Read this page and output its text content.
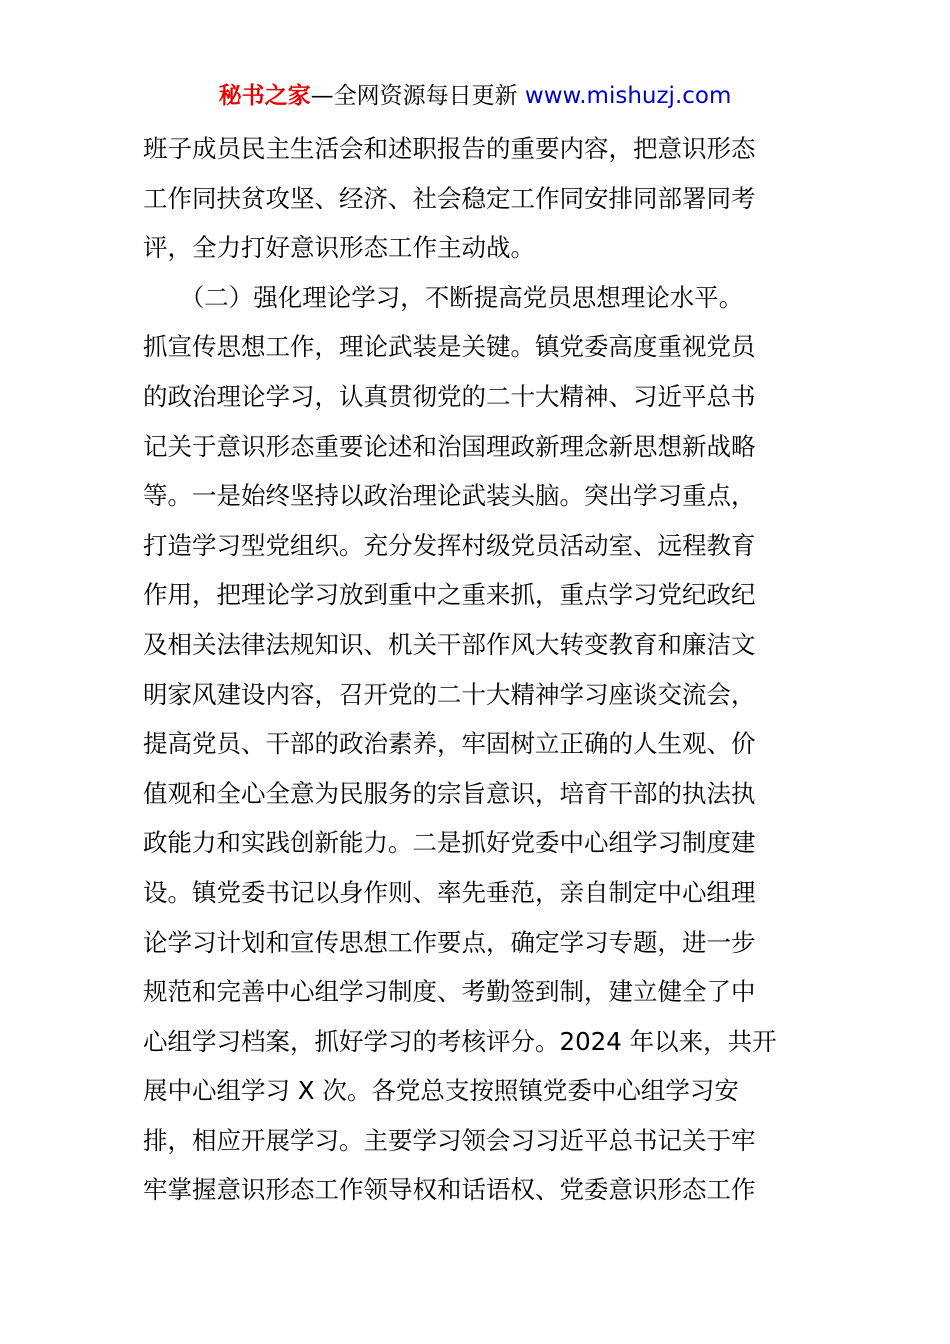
秘书之家—全网资源每日更新 www.mishuzj.com
班子成员民主生活会和述职报告的重要内容，把意识形态
工作同扶贫攻坚、经济、社会稳定工作同安排同部署同考
评，全力打好意识形态工作主动战。
　　（二）强化理论学习，不断提高党员思想理论水平。
抓宣传思想工作，理论武装是关键。镇党委高度重视党员
的政治理论学习，认真贯彻党的二十大精神、习近平总书
记关于意识形态重要论述和治国理政新理念新思想新战略
等。一是始终坚持以政治理论武装头脑。突出学习重点，
打造学习型党组织。充分发挥村级党员活动室、远程教育
作用，把理论学习放到重中之重来抓，重点学习党纪政纪
及相关法律法规知识、机关干部作风大转变教育和廉洁文
明家风建设内容，召开党的二十大精神学习座谈交流会，
提高党员、干部的政治素养，牢固树立正确的人生观、价
值观和全心全意为民服务的宗旨意识，培育干部的执法执
政能力和实践创新能力。二是抓好党委中心组学习制度建
设。镇党委书记以身作则、率先垂范，亲自制定中心组理
论学习计划和宣传思想工作要点，确定学习专题，进一步
规范和完善中心组学习制度、考勤签到制，建立健全了中
心组学习档案，抓好学习的考核评分。2024 年以来，共开
展中心组学习 X 次。各党总支按照镇党委中心组学习安
排，相应开展学习。主要学习领会习习近平总书记关于牢
牢掌握意识形态工作领导权和话语权、党委意识形态工作
